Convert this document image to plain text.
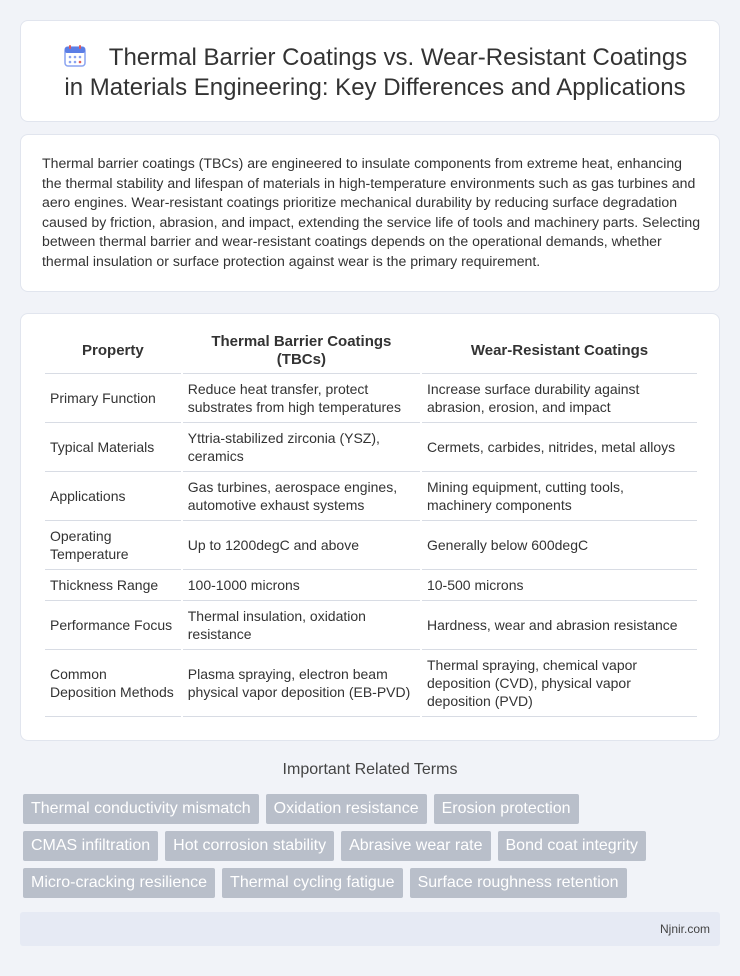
Thermal Barrier Coatings vs. Wear-Resistant Coatings in Materials Engineering: Key Differences and Applications

Thermal barrier coatings (TBCs) are engineered to insulate components from extreme heat, enhancing the thermal stability and lifespan of materials in high-temperature environments such as gas turbines and aero engines. Wear-resistant coatings prioritize mechanical durability by reducing surface degradation caused by friction, abrasion, and impact, extending the service life of tools and machinery parts. Selecting between thermal barrier and wear-resistant coatings depends on the operational demands, whether thermal insulation or surface protection against wear is the primary requirement.

Property	Thermal Barrier Coatings (TBCs)	Wear-Resistant Coatings
Primary Function	Reduce heat transfer, protect substrates from high temperatures	Increase surface durability against abrasion, erosion, and impact
Typical Materials	Yttria-stabilized zirconia (YSZ), ceramics	Cermets, carbides, nitrides, metal alloys
Applications	Gas turbines, aerospace engines, automotive exhaust systems	Mining equipment, cutting tools, machinery components
Operating Temperature	Up to 1200degC and above	Generally below 600degC
Thickness Range	100-1000 microns	10-500 microns
Performance Focus	Thermal insulation, oxidation resistance	Hardness, wear and abrasion resistance
Common Deposition Methods	Plasma spraying, electron beam physical vapor deposition (EB-PVD)	Thermal spraying, chemical vapor deposition (CVD), physical vapor deposition (PVD)
Important Related Terms
Thermal conductivity mismatch	Oxidation resistance	Erosion protection
CMAS infiltration	Hot corrosion stability	Abrasive wear rate	Bond coat integrity
Micro-cracking resilience	Thermal cycling fatigue	Surface roughness retention
Njnir.com
